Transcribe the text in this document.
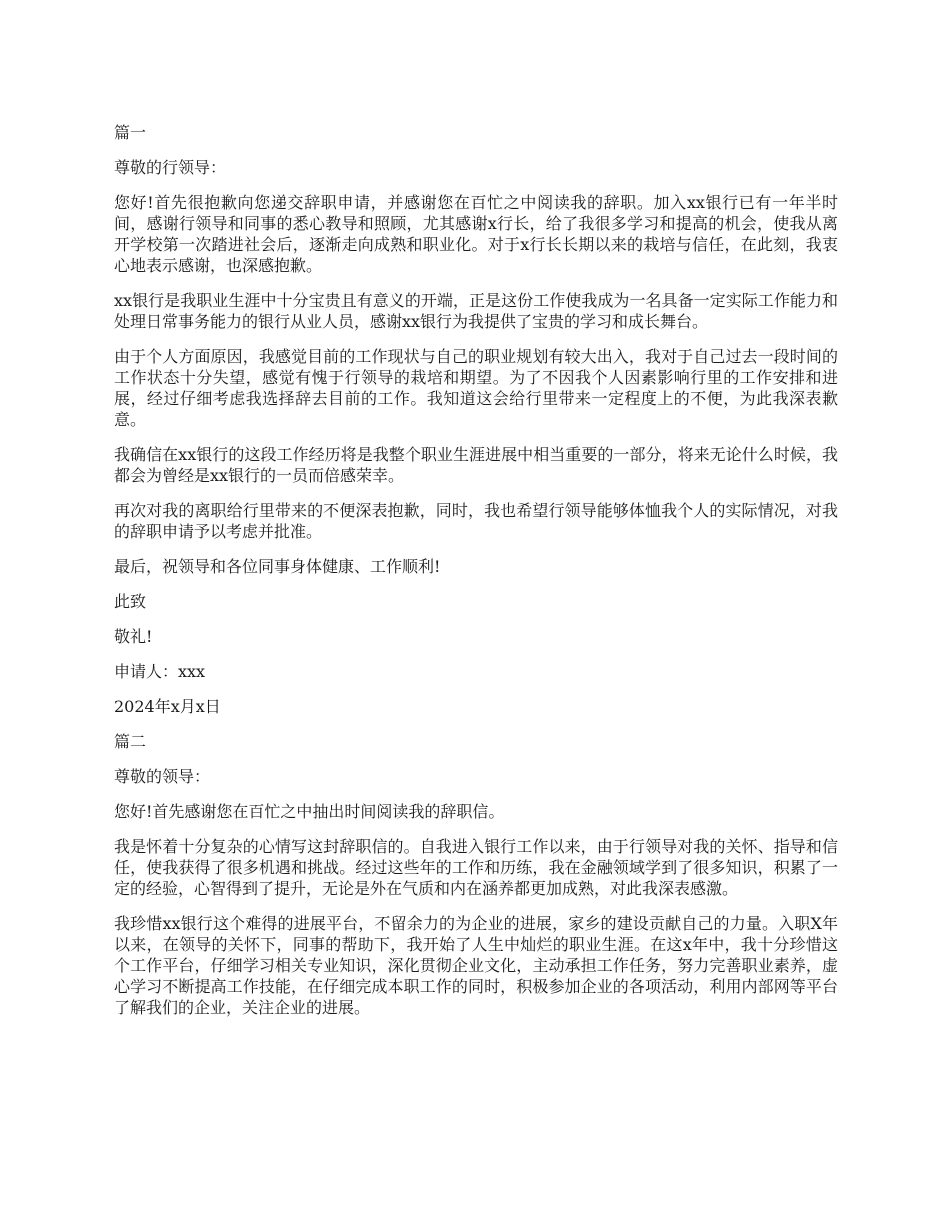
篇一

尊敬的行领导：

您好!首先很抱歉向您递交辞职申请，并感谢您在百忙之中阅读我的辞职。加入xx银行已有一年半时间，感谢行领导和同事的悉心教导和照顾，尤其感谢x行长，给了我很多学习和提高的机会，使我从离开学校第一次踏进社会后，逐渐走向成熟和职业化。对于x行长长期以来的栽培与信任，在此刻，我衷心地表示感谢，也深感抱歉。

xx银行是我职业生涯中十分宝贵且有意义的开端，正是这份工作使我成为一名具备一定实际工作能力和处理日常事务能力的银行从业人员，感谢xx银行为我提供了宝贵的学习和成长舞台。

由于个人方面原因，我感觉目前的工作现状与自己的职业规划有较大出入，我对于自己过去一段时间的工作状态十分失望，感觉有愧于行领导的栽培和期望。为了不因我个人因素影响行里的工作安排和进展，经过仔细考虑我选择辞去目前的工作。我知道这会给行里带来一定程度上的不便，为此我深表歉意。

我确信在xx银行的这段工作经历将是我整个职业生涯进展中相当重要的一部分，将来无论什么时候，我都会为曾经是xx银行的一员而倍感荣幸。

再次对我的离职给行里带来的不便深表抱歉，同时，我也希望行领导能够体恤我个人的实际情况，对我的辞职申请予以考虑并批准。

最后，祝领导和各位同事身体健康、工作顺利!

此致

敬礼!

申请人：xxx

2024年x月x日

篇二

尊敬的领导：

您好!首先感谢您在百忙之中抽出时间阅读我的辞职信。

我是怀着十分复杂的心情写这封辞职信的。自我进入银行工作以来，由于行领导对我的关怀、指导和信任，使我获得了很多机遇和挑战。经过这些年的工作和历练，我在金融领域学到了很多知识，积累了一定的经验，心智得到了提升，无论是外在气质和内在涵养都更加成熟，对此我深表感激。

我珍惜xx银行这个难得的进展平台，不留余力的为企业的进展，家乡的建设贡献自己的力量。入职X年以来，在领导的关怀下，同事的帮助下，我开始了人生中灿烂的职业生涯。在这x年中，我十分珍惜这个工作平台，仔细学习相关专业知识，深化贯彻企业文化，主动承担工作任务，努力完善职业素养，虚心学习不断提高工作技能，在仔细完成本职工作的同时，积极参加企业的各项活动，利用内部网等平台了解我们的企业，关注企业的进展。
